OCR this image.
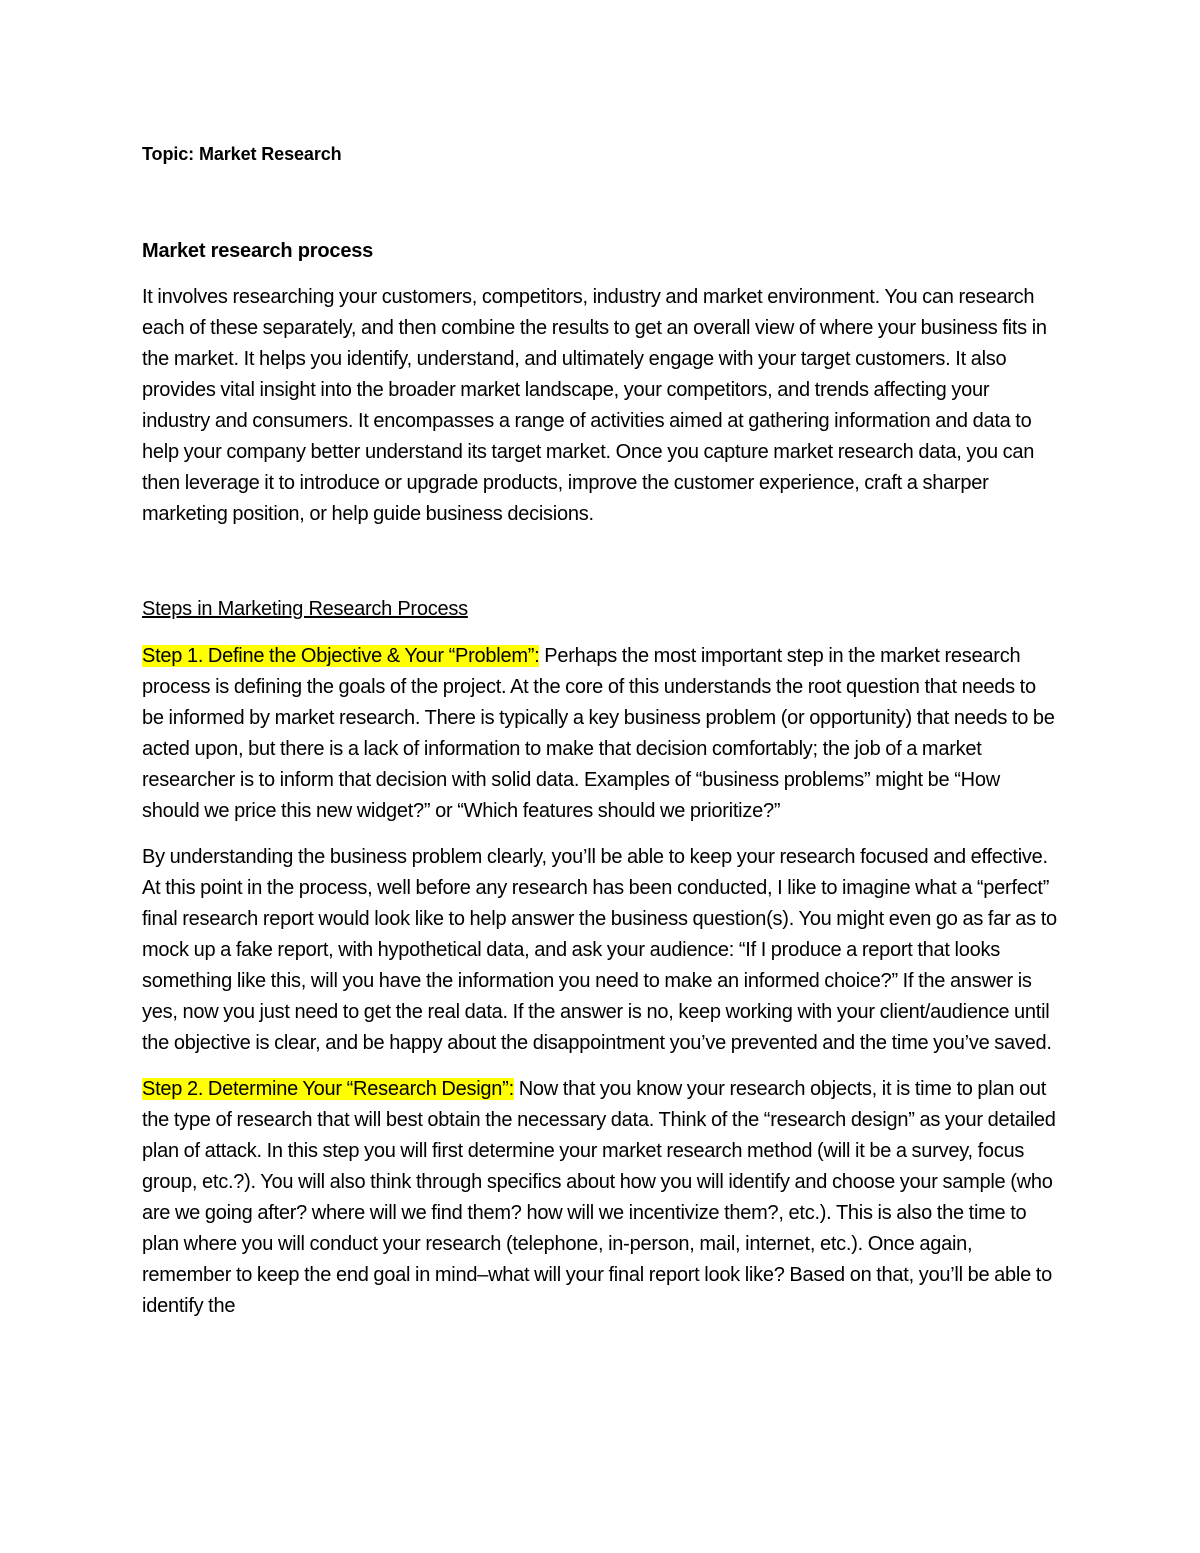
Topic: Market Research

Market research process

It involves researching your customers, competitors, industry and market environment. You can research each of these separately, and then combine the results to get an overall view of where your business fits in the market. It helps you identify, understand, and ultimately engage with your target customers. It also provides vital insight into the broader market landscape, your competitors, and trends affecting your industry and consumers. It encompasses a range of activities aimed at gathering information and data to help your company better understand its target market. Once you capture market research data, you can then leverage it to introduce or upgrade products, improve the customer experience, craft a sharper marketing position, or help guide business decisions.

Steps in Marketing Research Process

Step 1. Define the Objective & Your “Problem”: Perhaps the most important step in the market research process is defining the goals of the project. At the core of this understands the root question that needs to be informed by market research. There is typically a key business problem (or opportunity) that needs to be acted upon, but there is a lack of information to make that decision comfortably; the job of a market researcher is to inform that decision with solid data. Examples of “business problems” might be “How should we price this new widget?” or “Which features should we prioritize?”

By understanding the business problem clearly, you’ll be able to keep your research focused and effective. At this point in the process, well before any research has been conducted, I like to imagine what a “perfect” final research report would look like to help answer the business question(s). You might even go as far as to mock up a fake report, with hypothetical data, and ask your audience: “If I produce a report that looks something like this, will you have the information you need to make an informed choice?” If the answer is yes, now you just need to get the real data. If the answer is no, keep working with your client/audience until the objective is clear, and be happy about the disappointment you’ve prevented and the time you’ve saved.

Step 2. Determine Your “Research Design”: Now that you know your research objects, it is time to plan out the type of research that will best obtain the necessary data. Think of the “research design” as your detailed plan of attack. In this step you will first determine your market research method (will it be a survey, focus group, etc.?). You will also think through specifics about how you will identify and choose your sample (who are we going after? where will we find them? how will we incentivize them?, etc.). This is also the time to plan where you will conduct your research (telephone, in-person, mail, internet, etc.). Once again, remember to keep the end goal in mind–what will your final report look like? Based on that, you’ll be able to identify the
